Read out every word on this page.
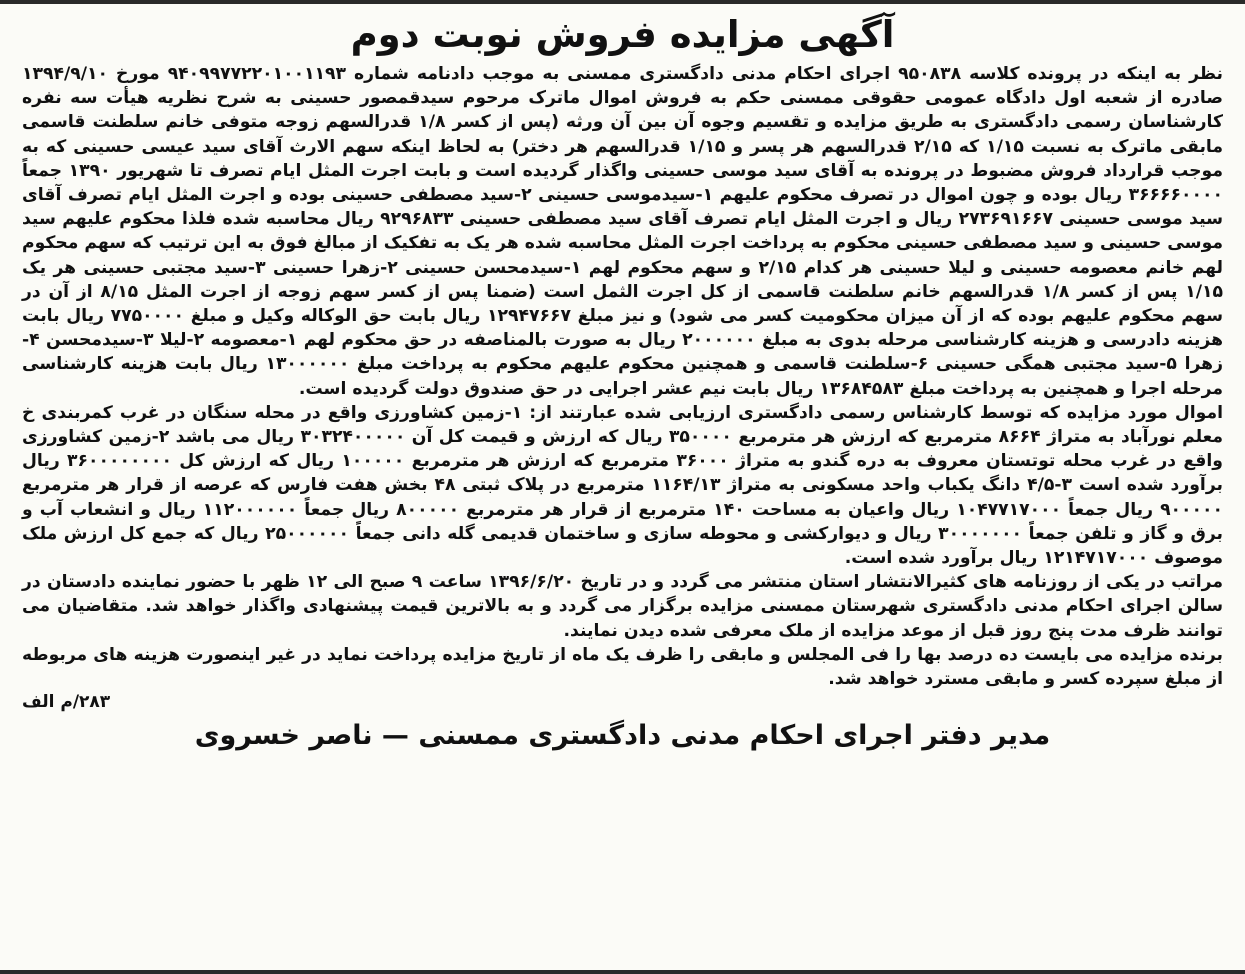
آگهی مزایده فروش نوبت دوم

نظر به اینکه در پرونده کلاسه ۹۵۰۸۳۸ اجرای احکام مدنی دادگستری ممسنی به موجب دادنامه شماره ۹۴۰۹۹۷۷۲۲۰۱۰۰۱۱۹۳ مورخ ۱۳۹۴/۹/۱۰ صادره از شعبه اول دادگاه عمومی حقوقی ممسنی حکم به فروش اموال ماترک مرحوم سیدقمصور حسینی به شرح نظریه هیأت سه نفره کارشناسان رسمی دادگستری به طریق مزایده و تقسیم وجوه آن بین آن ورثه (پس از کسر ۱/۸ قدرالسهم زوجه متوفی خانم سلطنت قاسمی مابقی ماترک به نسبت ۱/۱۵ که ۲/۱۵ قدرالسهم هر پسر و ۱/۱۵ قدرالسهم هر دختر) به لحاظ اینکه سهم الارث آقای سید عیسی حسینی که به موجب قرارداد فروش مضبوط در پرونده به آقای سید موسی حسینی واگذار گردیده است و بابت اجرت المثل ایام تصرف تا شهریور ۱۳۹۰ جمعاً ۳۶۶۶۶۰۰۰۰ ریال بوده و چون اموال در تصرف محکوم علیهم ۱-سیدموسی حسینی ۲-سید مصطفی حسینی بوده و اجرت المثل ایام تصرف آقای سید موسی حسینی ۲۷۳۶۹۱۶۶۷ ریال و اجرت المثل ایام تصرف آقای سید مصطفی حسینی ۹۲۹۶۸۳۳ ریال محاسبه شده فلذا محکوم علیهم سید موسی حسینی و سید مصطفی حسینی محکوم به پرداخت اجرت المثل محاسبه شده هر یک به تفکیک از مبالغ فوق به این ترتیب که سهم محکوم لهم خانم معصومه حسینی و لیلا حسینی هر کدام ۲/۱۵ و سهم محکوم لهم ۱-سیدمحسن حسینی ۲-زهرا حسینی ۳-سید مجتبی حسینی هر یک ۱/۱۵ پس از کسر ۱/۸ قدرالسهم خانم سلطنت قاسمی از کل اجرت الثمل است (ضمنا پس از کسر سهم زوجه از اجرت المثل ۸/۱۵ از آن در سهم محکوم علیهم بوده که از آن میزان محکومیت کسر می شود) و نیز مبلغ ۱۲۹۴۷۶۶۷ ریال بابت حق الوکاله وکیل و مبلغ ۷۷۵۰۰۰۰ ریال بابت هزینه دادرسی و هزینه کارشناسی مرحله بدوی به مبلغ ۲۰۰۰۰۰۰ ریال به صورت بالمناصفه در حق محکوم لهم ۱-معصومه ۲-لیلا ۳-سیدمحسن ۴-زهرا ۵-سید مجتبی همگی حسینی ۶-سلطنت قاسمی و همچنین محکوم علیهم محکوم به پرداخت مبلغ ۱۳۰۰۰۰۰۰ ریال بابت هزینه کارشناسی مرحله اجرا و همچنین به پرداخت مبلغ ۱۳۶۸۴۵۸۳ ریال بابت نیم عشر اجرایی در حق صندوق دولت گردیده است.

اموال مورد مزایده که توسط کارشناس رسمی دادگستری ارزیابی شده عبارتند از: ۱-زمین کشاورزی واقع در محله سنگان در غرب کمربندی خ معلم نورآباد به متراژ ۸۶۶۴ مترمربع که ارزش هر مترمربع ۳۵۰۰۰۰ ریال که ارزش و قیمت کل آن ۳۰۳۲۴۰۰۰۰۰ ریال می باشد ۲-زمین کشاورزی واقع در غرب محله توتستان معروف به دره گندو به متراژ ۳۶۰۰۰ مترمربع که ارزش هر مترمربع ۱۰۰۰۰۰ ریال که ارزش کل ۳۶۰۰۰۰۰۰۰۰ ریال برآورد شده است ۳-۴/۵ دانگ یکباب واحد مسکونی به متراژ ۱۱۶۴/۱۳ مترمربع در پلاک ثبتی ۴۸ بخش هفت فارس که عرصه از قرار هر مترمربع ۹۰۰۰۰۰ ریال جمعاً ۱۰۴۷۷۱۷۰۰۰ ریال واعیان به مساحت ۱۴۰ مترمربع از قرار هر مترمربع ۸۰۰۰۰۰ ریال جمعاً ۱۱۲۰۰۰۰۰۰ ریال و انشعاب آب و برق و گاز و تلفن جمعاً ۳۰۰۰۰۰۰۰ ریال و دیوارکشی و محوطه سازی و ساختمان قدیمی گله دانی جمعاً ۲۵۰۰۰۰۰۰ ریال که جمع کل ارزش ملک موصوف ۱۲۱۴۷۱۷۰۰۰ ریال برآورد شده است.

مراتب در یکی از روزنامه های کثیرالانتشار استان منتشر می گردد و در تاریخ ۱۳۹۶/۶/۲۰ ساعت ۹ صبح الی ۱۲ ظهر با حضور نماینده دادستان در سالن اجرای احکام مدنی دادگستری شهرستان ممسنی مزایده برگزار می گردد و به بالاترین قیمت پیشنهادی واگذار خواهد شد. متقاضیان می توانند ظرف مدت پنج روز قبل از موعد مزایده از ملک معرفی شده دیدن نمایند.

برنده مزایده می بایست ده درصد بها را فی المجلس و مابقی را ظرف یک ماه از تاریخ مزایده پرداخت نماید در غیر اینصورت هزینه های مربوطه از مبلغ سپرده کسر و مابقی مسترد خواهد شد.

۲۸۳/م الف
مدیر دفتر اجرای احکام مدنی دادگستری ممسنی — ناصر خسروی
